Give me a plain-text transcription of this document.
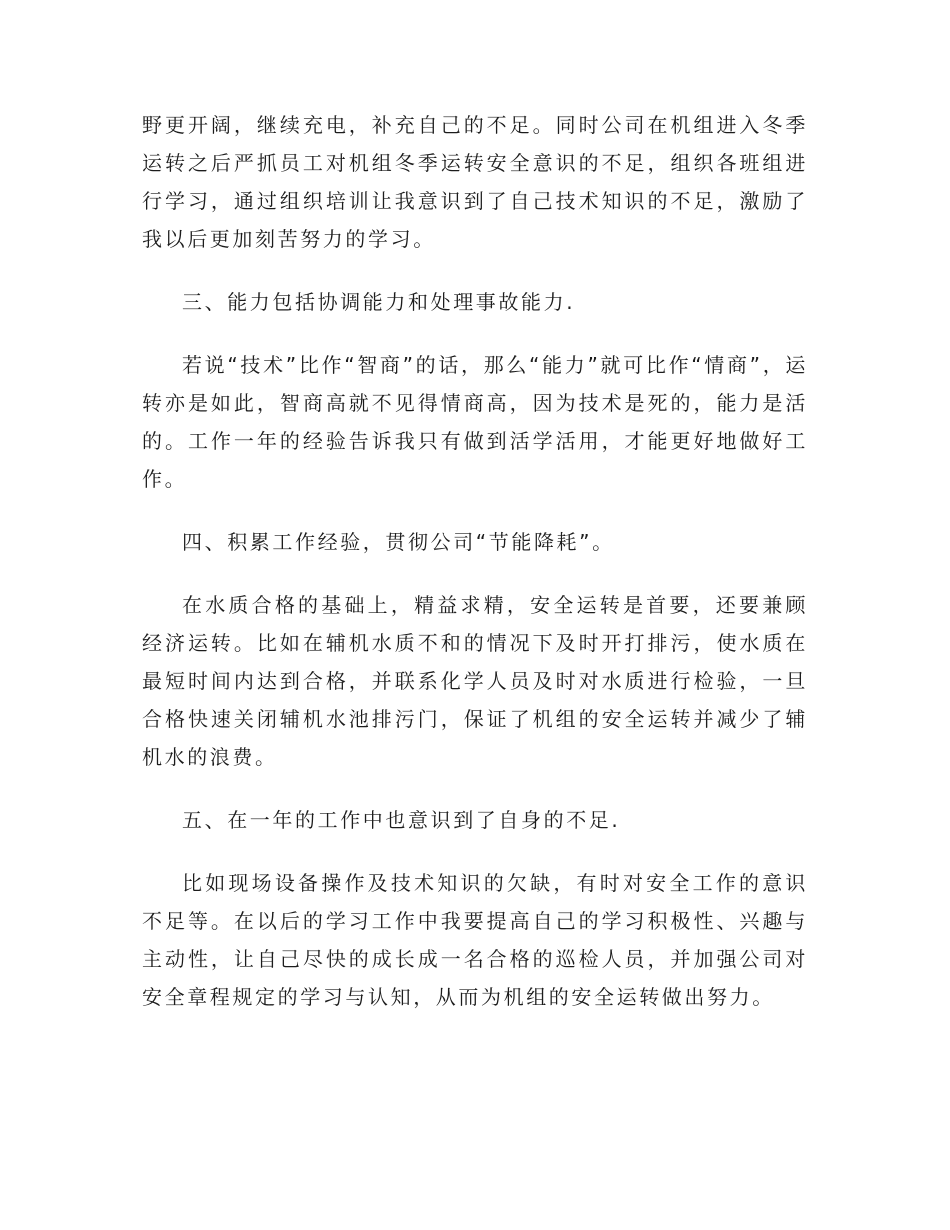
野更开阔，继续充电，补充自己的不足。同时公司在机组进入冬季运转之后严抓员工对机组冬季运转安全意识的不足，组织各班组进行学习，通过组织培训让我意识到了自己技术知识的不足，激励了我以后更加刻苦努力的学习。

三、能力包括协调能力和处理事故能力.

若说“技术”比作“智商”的话，那么“能力”就可比作“情商”，运转亦是如此，智商高就不见得情商高，因为技术是死的，能力是活的。工作一年的经验告诉我只有做到活学活用，才能更好地做好工作。

四、积累工作经验，贯彻公司“节能降耗”。

在水质合格的基础上，精益求精，安全运转是首要，还要兼顾经济运转。比如在辅机水质不和的情况下及时开打排污，使水质在最短时间内达到合格，并联系化学人员及时对水质进行检验，一旦合格快速关闭辅机水池排污门，保证了机组的安全运转并减少了辅机水的浪费。

五、在一年的工作中也意识到了自身的不足.

比如现场设备操作及技术知识的欠缺，有时对安全工作的意识不足等。在以后的学习工作中我要提高自己的学习积极性、兴趣与主动性，让自己尽快的成长成一名合格的巡检人员，并加强公司对安全章程规定的学习与认知，从而为机组的安全运转做出努力。
